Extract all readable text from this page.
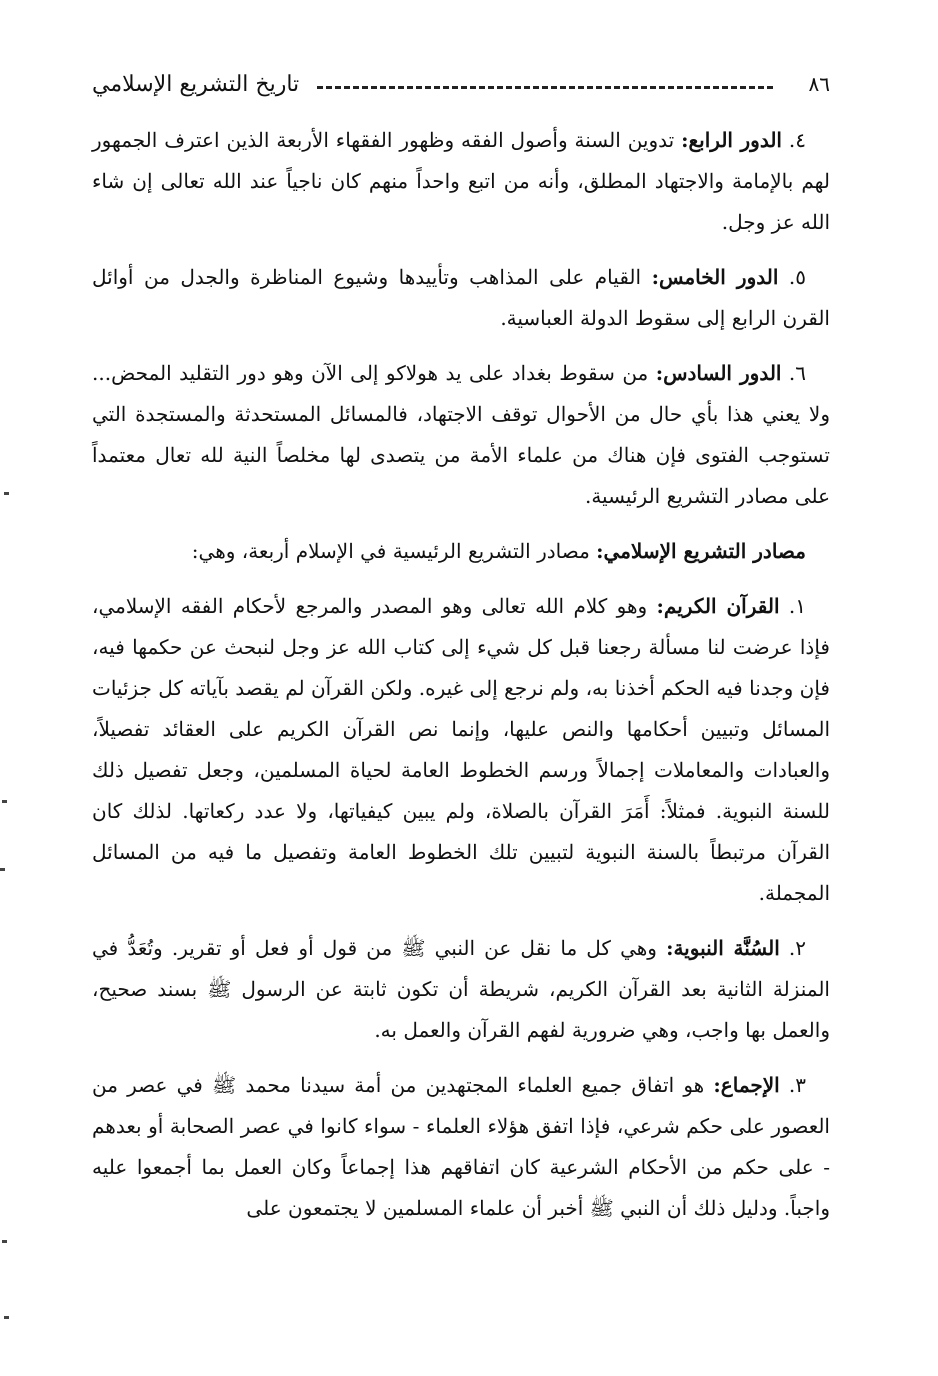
٨٦
تاريخ التشريع الإسلامي

٤. الدور الرابع: تدوين السنة وأصول الفقه وظهور الفقهاء الأربعة الذين اعترف الجمهور لهم بالإمامة والاجتهاد المطلق، وأنه من اتبع واحداً منهم كان ناجياً عند الله تعالى إن شاء الله عز وجل.

٥. الدور الخامس: القيام على المذاهب وتأييدها وشيوع المناظرة والجدل من أوائل القرن الرابع إلى سقوط الدولة العباسية.

٦. الدور السادس: من سقوط بغداد على يد هولاكو إلى الآن وهو دور التقليد المحض... ولا يعني هذا بأي حال من الأحوال توقف الاجتهاد، فالمسائل المستحدثة والمستجدة التي تستوجب الفتوى فإن هناك من علماء الأمة من يتصدى لها مخلصاً النية لله تعال معتمداً على مصادر التشريع الرئيسية.

مصادر التشريع الإسلامي: مصادر التشريع الرئيسية في الإسلام أربعة، وهي:

١. القرآن الكريم: وهو كلام الله تعالى وهو المصدر والمرجع لأحكام الفقه الإسلامي، فإذا عرضت لنا مسألة رجعنا قبل كل شيء إلى كتاب الله عز وجل لنبحث عن حكمها فيه، فإن وجدنا فيه الحكم أخذنا به، ولم نرجع إلى غيره. ولكن القرآن لم يقصد بآياته كل جزئيات المسائل وتبيين أحكامها والنص عليها، وإنما نص القرآن الكريم على العقائد تفصيلاً، والعبادات والمعاملات إجمالاً ورسم الخطوط العامة لحياة المسلمين، وجعل تفصيل ذلك للسنة النبوية. فمثلاً: أَمَرَ القرآن بالصلاة، ولم يبين كيفياتها، ولا عدد ركعاتها. لذلك كان القرآن مرتبطاً بالسنة النبوية لتبيين تلك الخطوط العامة وتفصيل ما فيه من المسائل المجملة.

٢. السُنَّة النبوية: وهي كل ما نقل عن النبي ﷺ من قول أو فعل أو تقرير. وتُعَدُّ في المنزلة الثانية بعد القرآن الكريم، شريطة أن تكون ثابتة عن الرسول ﷺ بسند صحيح، والعمل بها واجب، وهي ضرورية لفهم القرآن والعمل به.

٣. الإجماع: هو اتفاق جميع العلماء المجتهدين من أمة سيدنا محمد ﷺ في عصر من العصور على حكم شرعي، فإذا اتفق هؤلاء العلماء - سواء كانوا في عصر الصحابة أو بعدهم - على حكم من الأحكام الشرعية كان اتفاقهم هذا إجماعاً وكان العمل بما أجمعوا عليه واجباً. ودليل ذلك أن النبي ﷺ أخبر أن علماء المسلمين لا يجتمعون على
